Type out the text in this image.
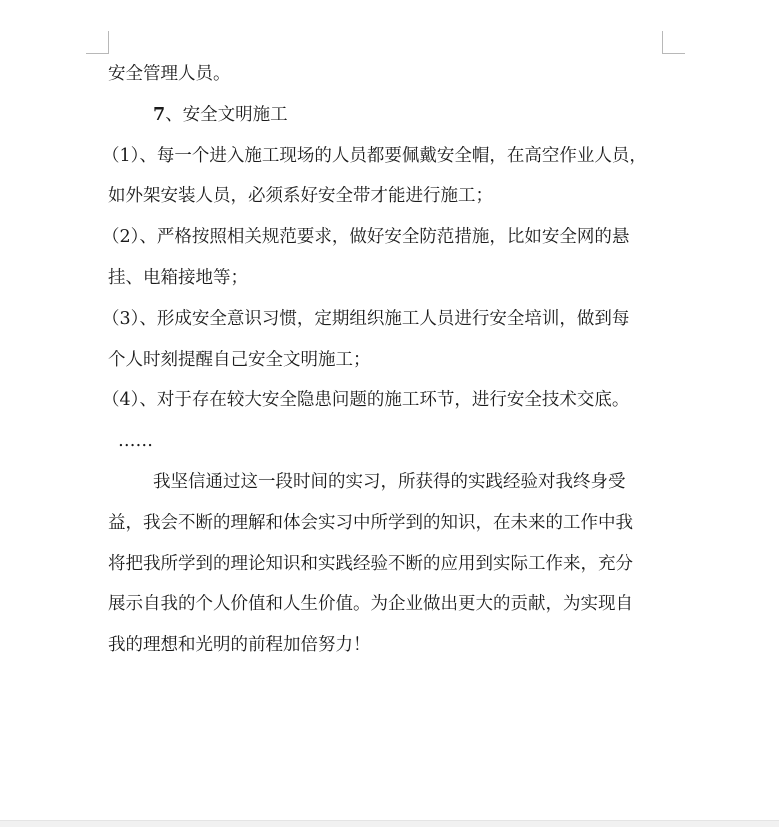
安全管理人员。
7、安全文明施工
（1）、每一个进入施工现场的人员都要佩戴安全帽，在高空作业人员，
如外架安装人员，必须系好安全带才能进行施工；
（2）、严格按照相关规范要求，做好安全防范措施，比如安全网的悬
挂、电箱接地等；
（3）、形成安全意识习惯，定期组织施工人员进行安全培训，做到每
个人时刻提醒自己安全文明施工；
（4）、对于存在较大安全隐患问题的施工环节，进行安全技术交底。
……
我坚信通过这一段时间的实习，所获得的实践经验对我终身受
益，我会不断的理解和体会实习中所学到的知识，在未来的工作中我
将把我所学到的理论知识和实践经验不断的应用到实际工作来，充分
展示自我的个人价值和人生价值。为企业做出更大的贡献，为实现自
我的理想和光明的前程加倍努力！
